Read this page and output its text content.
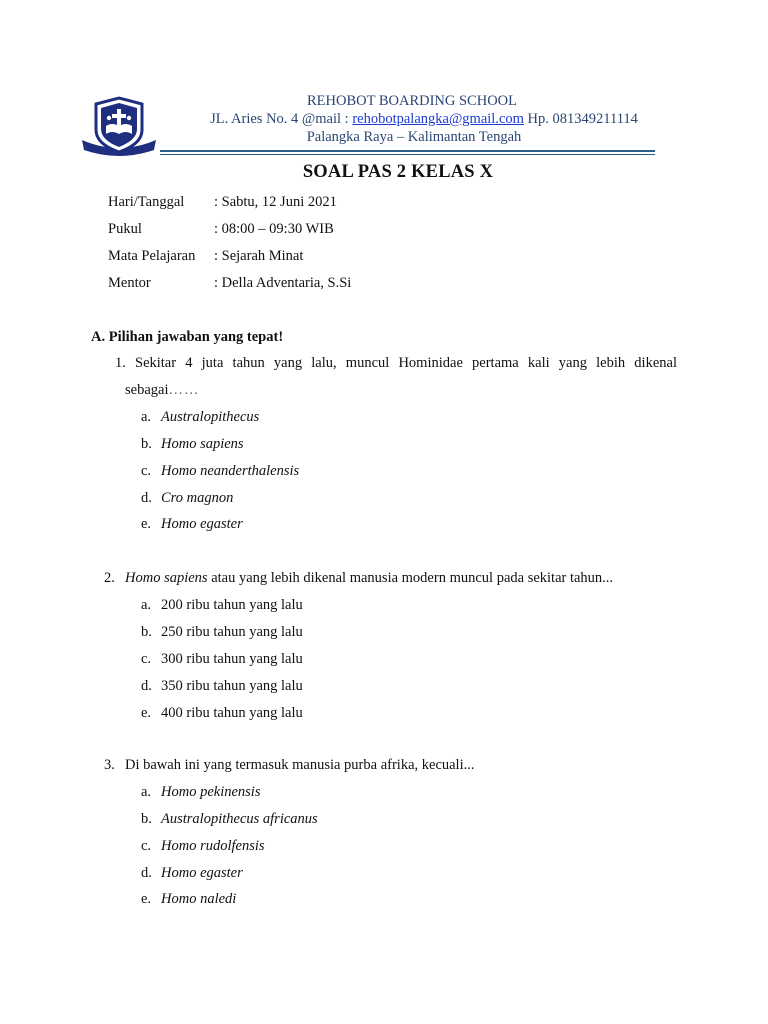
REHOBOT BOARDING SCHOOL
JL. Aries No. 4 @mail : rehobotpalangka@gmail.com Hp. 081349211114
Palangka Raya – Kalimantan Tengah
SOAL PAS 2 KELAS X
Hari/Tanggal : Sabtu, 12 Juni 2021
Pukul	: 08:00 – 09:30 WIB
Mata Pelajaran : Sejarah Minat
Mentor	: Della Adventaria, S.Si
A. Pilihan jawaban yang tepat!
1. Sekitar 4 juta tahun yang lalu, muncul Hominidae pertama kali yang lebih dikenal
sebagai……
a. Australopithecus
b. Homo sapiens
c. Homo neanderthalensis
d. Cro magnon
e. Homo egaster
2. Homo sapiens atau yang lebih dikenal manusia modern muncul pada sekitar tahun...
a. 200 ribu tahun yang lalu
b. 250 ribu tahun yang lalu
c. 300 ribu tahun yang lalu
d. 350 ribu tahun yang lalu
e. 400 ribu tahun yang lalu
3. Di bawah ini yang termasuk manusia purba afrika, kecuali...
a. Homo pekinensis
b. Australopithecus africanus
c. Homo rudolfensis
d. Homo egaster
e. Homo naledi
